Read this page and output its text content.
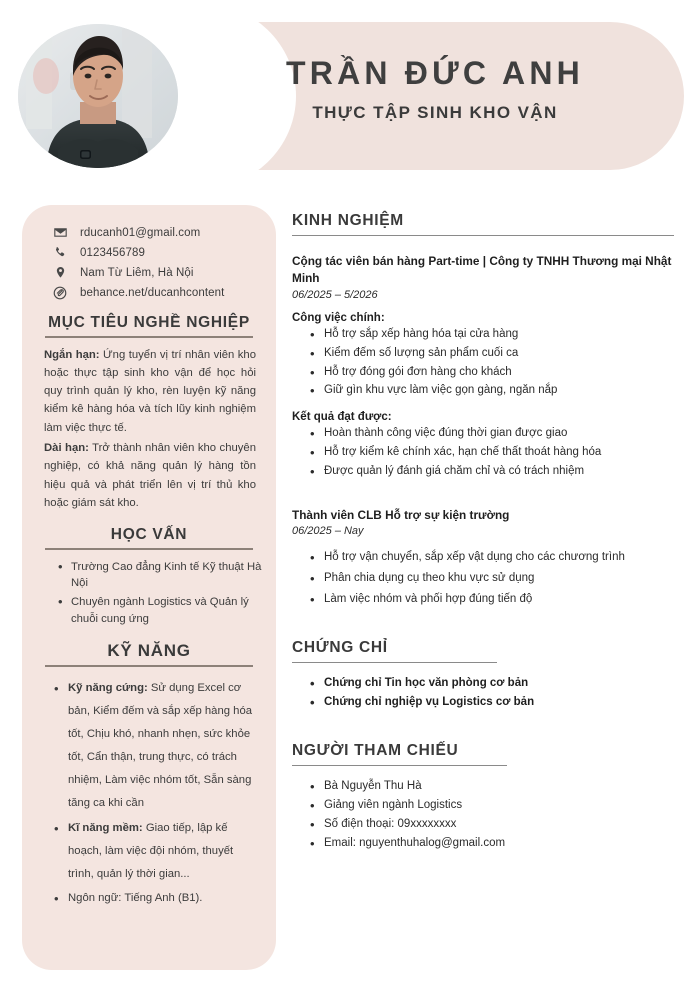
TRẦN ĐỨC ANH
THỰC TẬP SINH KHO VẬN
rducanh01@gmail.com
0123456789
Nam Từ Liêm, Hà Nội
behance.net/ducanhcontent
MỤC TIÊU NGHỀ NGHIỆP

Ngắn hạn: Ứng tuyển vị trí nhân viên kho hoặc thực tập sinh kho vận để học hỏi quy trình quản lý kho, rèn luyện kỹ năng kiểm kê hàng hóa và tích lũy kinh nghiệm làm việc thực tế.

Dài hạn: Trở thành nhân viên kho chuyên nghiệp, có khả năng quản lý hàng tồn hiệu quả và phát triển lên vị trí thủ kho hoặc giám sát kho.

HỌC VẤN
• Trường Cao đẳng Kinh tế Kỹ thuật Hà Nội
• Chuyên ngành Logistics và Quản lý chuỗi cung ứng
KỸ NĂNG
• Kỹ năng cứng: Sử dụng Excel cơ bản, Kiểm đếm và sắp xếp hàng hóa tốt, Chịu khó, nhanh nhẹn, sức khỏe tốt, Cẩn thận, trung thực, có trách nhiệm, Làm việc nhóm tốt, Sẵn sàng tăng ca khi cần
• Kĩ năng mềm: Giao tiếp, lập kế hoạch, làm việc đội nhóm, thuyết trình, quản lý thời gian...
• Ngôn ngữ: Tiếng Anh (B1).
KINH NGHIỆM
Cộng tác viên bán hàng Part-time | Công ty TNHH Thương mại Nhật Minh
06/2025 – 5/2026
Công việc chính:
• Hỗ trợ sắp xếp hàng hóa tại cửa hàng
• Kiểm đếm số lượng sản phẩm cuối ca
• Hỗ trợ đóng gói đơn hàng cho khách
• Giữ gìn khu vực làm việc gọn gàng, ngăn nắp
Kết quả đạt được:
• Hoàn thành công việc đúng thời gian được giao
• Hỗ trợ kiểm kê chính xác, hạn chế thất thoát hàng hóa
• Được quản lý đánh giá chăm chỉ và có trách nhiệm
Thành viên CLB Hỗ trợ sự kiện trường
06/2025 – Nay
• Hỗ trợ vận chuyển, sắp xếp vật dụng cho các chương trình
• Phân chia dụng cụ theo khu vực sử dụng
• Làm việc nhóm và phối hợp đúng tiến độ
CHỨNG CHỈ
• Chứng chỉ Tin học văn phòng cơ bản
• Chứng chỉ nghiệp vụ Logistics cơ bản
NGƯỜI THAM CHIẾU
• Bà Nguyễn Thu Hà
• Giảng viên ngành Logistics
• Số điện thoại: 09xxxxxxxx
• Email: nguyenthuhalog@gmail.com
